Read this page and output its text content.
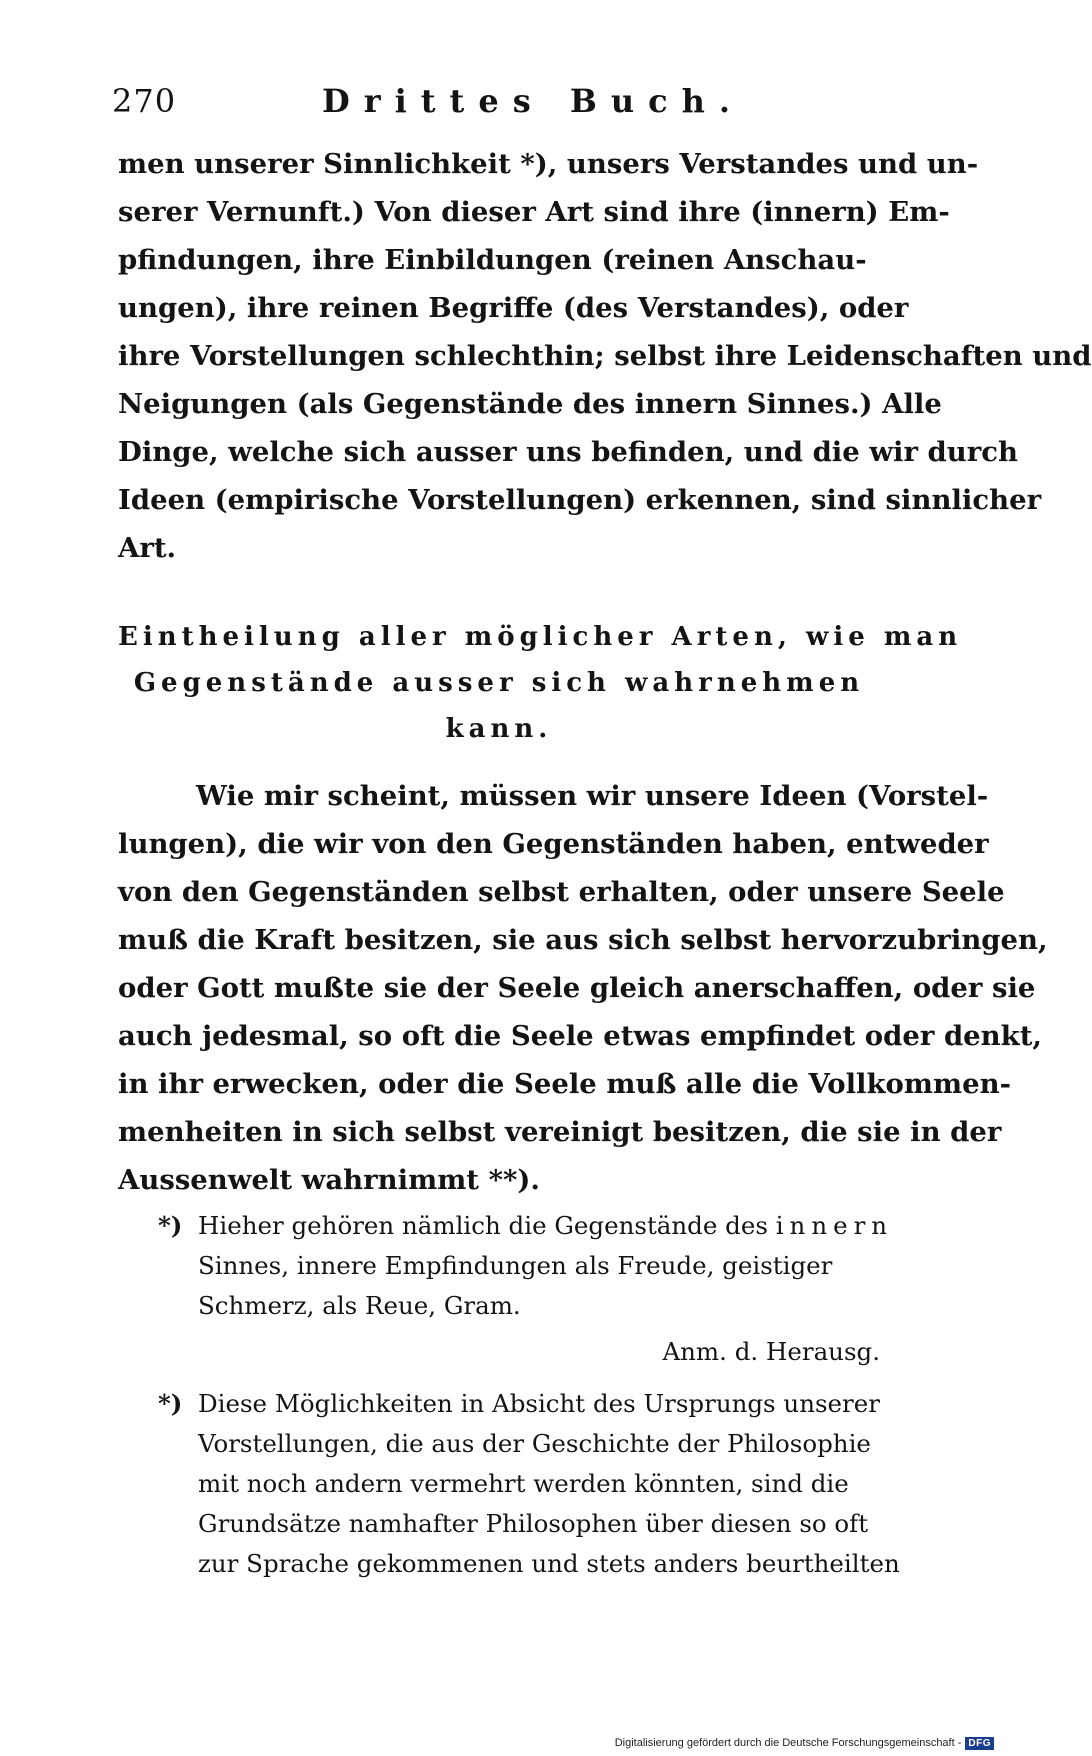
270	Drittes Buch.

men unserer Sinnlichkeit *), unsers Verstandes und un-
serer Vernunft.) Von dieser Art sind ihre (innern) Em-
pfindungen, ihre Einbildungen (reinen Anschau-
ungen), ihre reinen Begriffe (des Verstandes), oder
ihre Vorstellungen schlechthin; selbst ihre Leidenschaften und
Neigungen (als Gegenstände des innern Sinnes.) Alle
Dinge, welche sich ausser uns befinden, und die wir durch
Ideen (empirische Vorstellungen) erkennen, sind sinnlicher
Art.

Eintheilung aller möglicher Arten, wie man
Gegenstände ausser sich wahrnehmen
kann.

Wie mir scheint, müssen wir unsere Ideen (Vorstel-
lungen), die wir von den Gegenständen haben, entweder
von den Gegenständen selbst erhalten, oder unsere Seele
muß die Kraft besitzen, sie aus sich selbst hervorzubringen,
oder Gott mußte sie der Seele gleich anerschaffen, oder sie
auch jedesmal, so oft die Seele etwas empfindet oder denkt,
in ihr erwecken, oder die Seele muß alle die Vollkommen-
menheiten in sich selbst vereinigt besitzen, die sie in der
Aussenwelt wahrnimmt **).

*) Hieher gehören nämlich die Gegenstände des innern
Sinnes, innere Empfindungen als Freude, geistiger
Schmerz, als Reue, Gram.
Anm. d. Herausg.
*) Diese Möglichkeiten in Absicht des Ursprungs unserer
Vorstellungen, die aus der Geschichte der Philosophie
mit noch andern vermehrt werden könnten, sind die
Grundsätze namhafter Philosophen über diesen so oft
zur Sprache gekommenen und stets anders beurtheilten
Digitalisierung gefördert durch die Deutsche Forschungsgemeinschaft - DFG
